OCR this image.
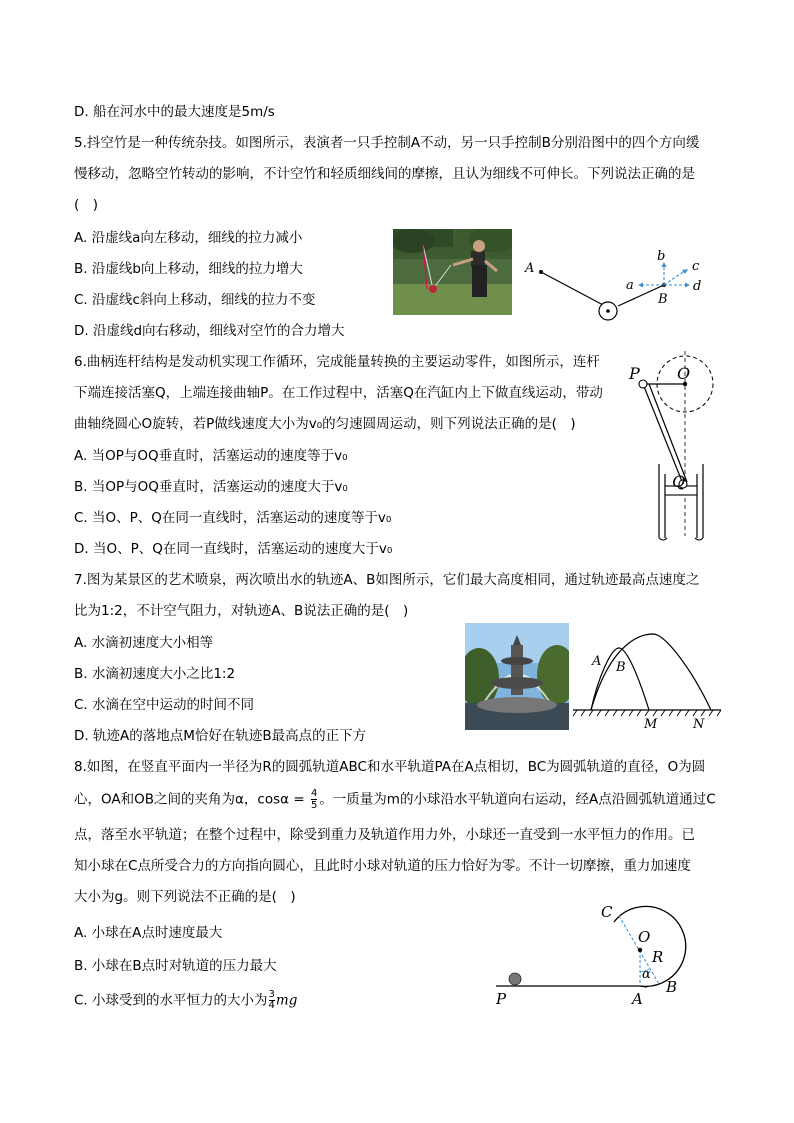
D. 船在河水中的最大速度是5m/s
5.抖空竹是一种传统杂技。如图所示，表演者一只手控制A不动，另一只手控制B分别沿图中的四个方向缓
慢移动，忽略空竹转动的影响，不计空竹和轻质细线间的摩擦，且认为细线不可伸长。下列说法正确的是
(　)
A. 沿虚线a向左移动，细线的拉力减小
B. 沿虚线b向上移动，细线的拉力增大
C. 沿虚线c斜向上移动，细线的拉力不变
D. 沿虚线d向右移动，细线对空竹的合力增大
A
B
a
b
c
d
6.曲柄连杆结构是发动机实现工作循环，完成能量转换的主要运动零件，如图所示，连杆
下端连接活塞Q，上端连接曲轴P。在工作过程中，活塞Q在汽缸内上下做直线运动，带动
曲轴绕圆心O旋转，若P做线速度大小为v₀的匀速圆周运动，则下列说法正确的是(　)
A. 当OP与OQ垂直时，活塞运动的速度等于v₀
B. 当OP与OQ垂直时，活塞运动的速度大于v₀
C. 当O、P、Q在同一直线时，活塞运动的速度等于v₀
D. 当O、P、Q在同一直线时，活塞运动的速度大于v₀
P O
Q
7.图为某景区的艺术喷泉，两次喷出水的轨迹A、B如图所示，它们最大高度相同，通过轨迹最高点速度之
比为1:2，不计空气阻力，对轨迹A、B说法正确的是(　)
A. 水滴初速度大小相等
B. 水滴初速度大小之比1:2
C. 水滴在空中运动的时间不同
D. 轨迹A的落地点M恰好在轨迹B最高点的正下方
A B
M	N
8.如图，在竖直平面内一半径为R的圆弧轨道ABC和水平轨道PA在A点相切，BC为圆弧轨道的直径，O为圆
心，OA和OB之间的夹角为α，$\cos\alpha = \frac{4}{5}$ 。一质量为m的小球沿水平轨道向右运动，经A点沿圆弧轨道通过C
点，落至水平轨道；在整个过程中，除受到重力及轨道作用力外，小球还一直受到一水平恒力的作用。已
知小球在C点所受合力的方向指向圆心，且此时小球对轨道的压力恰好为零。不计一切摩擦，重力加速度
大小为g。则下列说法不正确的是(　)
A. 小球在A点时速度最大
B. 小球在B点时对轨道的压力最大
C. 小球受到的水平恒力的大小为 $\frac{3}{4}$ mg
C
O
R
α
P	A
B
